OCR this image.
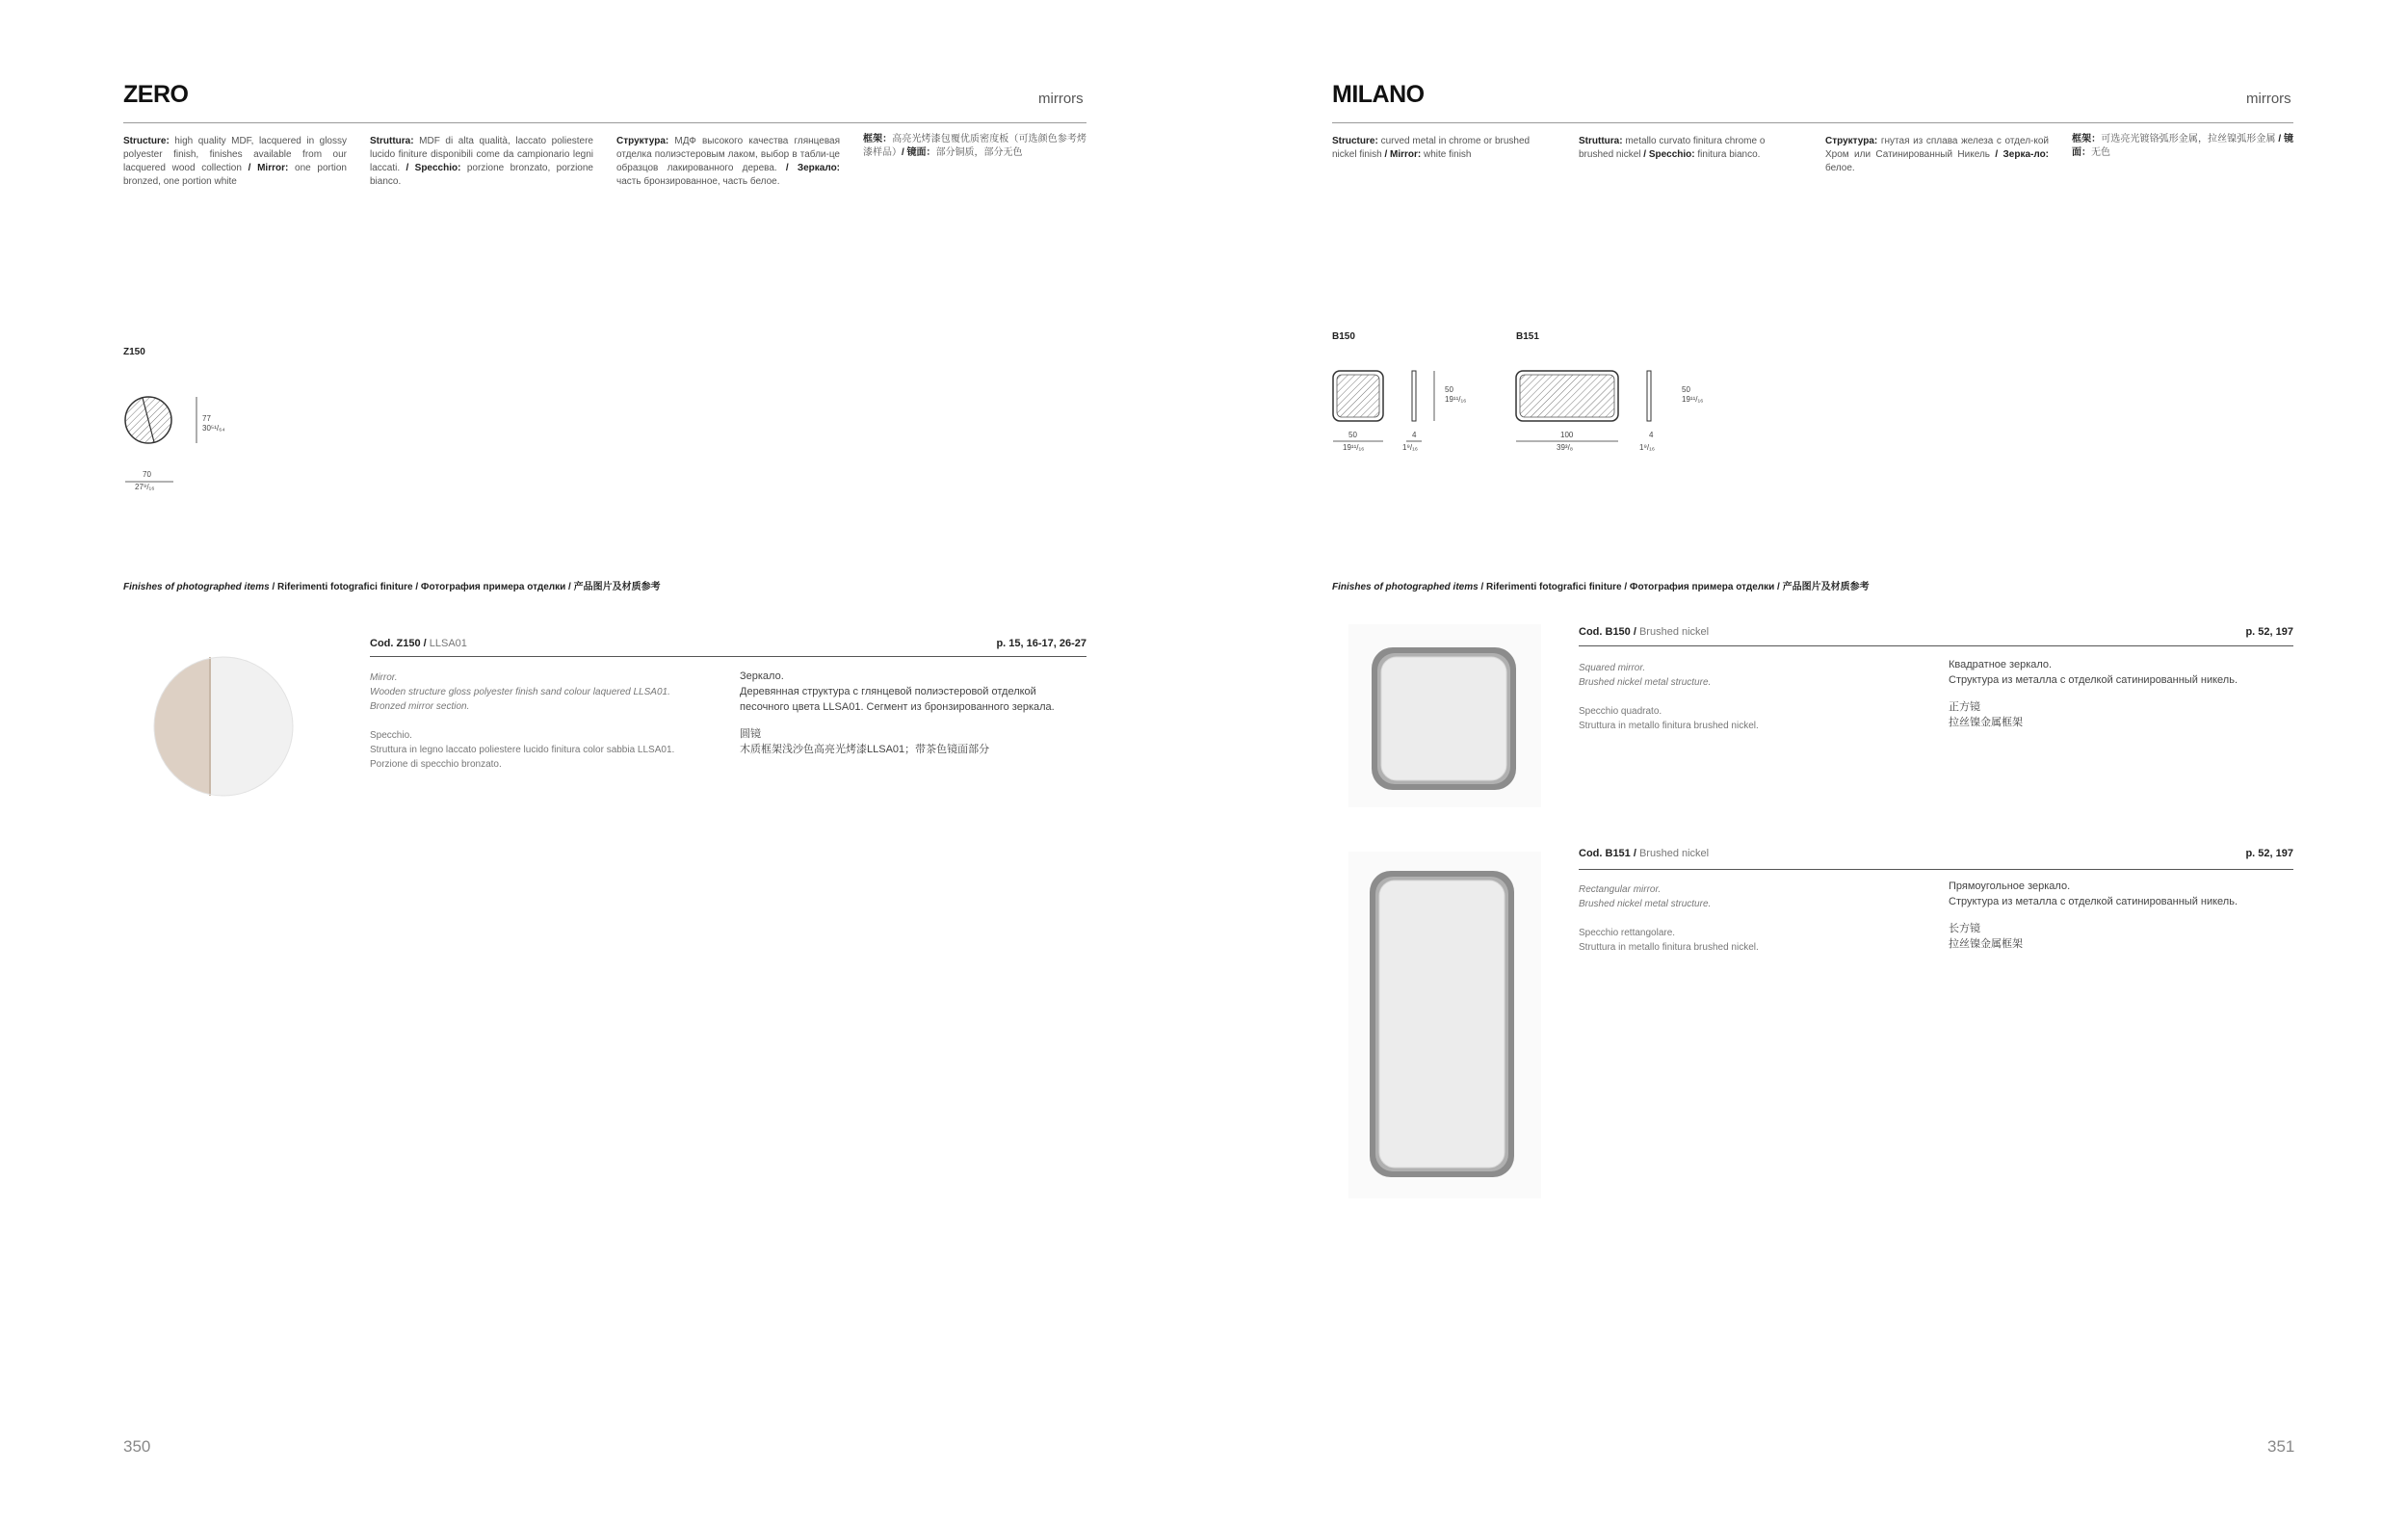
ZERO	mirrors
Structure: high quality MDF, lacquered in glossy polyester finish, finishes available from our lacquered wood collection / Mirror: one portion bronzed, one portion white
Struttura: MDF di alta qualità, laccato poliestere lucido finiture disponibili come da campionario legni laccati. / Specchio: porzione bronzato, porzione bianco.
Структура: МДФ высокого качества глянцевая отделка полиэстеровым лаком, выбор в табли-це образцов лакированного дерева. / Зеркало: часть бронзированное, часть белое.
框架：高亮光烤漆包覆优质密度板（可选颜色参考烤漆样品）/ 镜面：部分铜质，部分无色
Z150
77
30⁵¹/₆₄
70
27⁹/₁₆
Finishes of photographed items / Riferimenti fotografici finiture / Фотография примера отделки / 产品图片及材质参考
Cod. Z150 / LLSA01	p. 15, 16-17, 26-27
Mirror.
Wooden structure gloss polyester finish sand colour laquered LLSA01.
Bronzed mirror section.
Specchio.
Struttura in legno laccato poliestere lucido finitura color sabbia LLSA01.
Porzione di specchio bronzato.
Зеркало.
Деревянная структура с глянцевой полиэстеровой отделкой
песочного цвета LLSA01. Сегмент из бронзированного зеркала.
圆镜
木质框架浅沙色高亮光烤漆LLSA01；带茶色镜面部分
350
MILANO	mirrors
Structure: curved metal in chrome or brushed nickel finish / Mirror: white finish
Struttura: metallo curvato finitura chrome o brushed nickel / Specchio: finitura bianco.
Структура: гнутая из сплава железа с отдел-кой Хром или Сатинированный Никель / Зерка-ло: белое.
框架：可选亮光镀铬弧形金属，拉丝镍弧形金属 / 镜面：无色
B150	B151
50
19¹¹/₁₆
50
19¹¹/₁₆
4
1⁹/₁₆
50
19¹¹/₁₆
100
39³/₈
4
1⁹/₁₆
Finishes of photographed items / Riferimenti fotografici finiture / Фотография примера отделки / 产品图片及材质参考
Cod. B150 / Brushed nickel	p. 52, 197
Squared mirror.
Brushed nickel metal structure.
Specchio quadrato.
Struttura in metallo finitura brushed nickel.
Квадратное зеркало.
Структура из металла с отделкой сатинированный никель.
正方镜
拉丝镍金属框架
Cod. B151 / Brushed nickel	p. 52, 197
Rectangular mirror.
Brushed nickel metal structure.
Specchio rettangolare.
Struttura in metallo finitura brushed nickel.
Прямоугольное зеркало.
Структура из металла с отделкой сатинированный никель.
长方镜
拉丝镍金属框架
351
